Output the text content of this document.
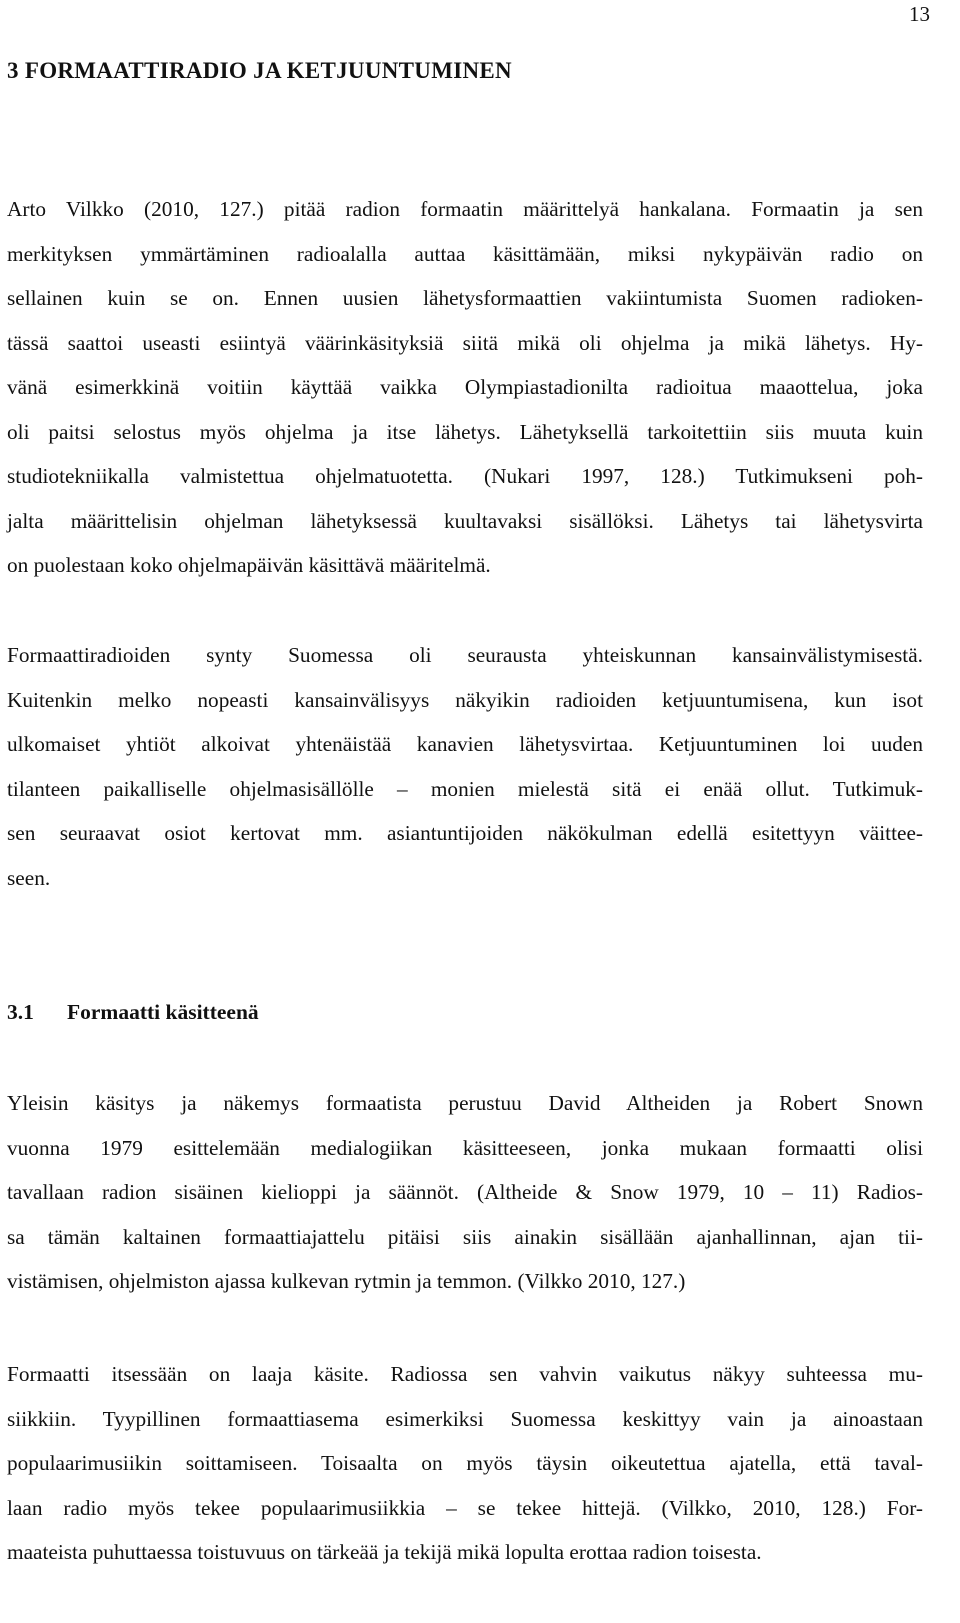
13
3 FORMAATTIRADIO JA KETJUUNTUMINEN

Arto Vilkko (2010, 127.) pitää radion formaatin määrittelyä hankalana. Formaatin ja sen
merkityksen ymmärtäminen radioalalla auttaa käsittämään, miksi nykypäivän radio on
sellainen kuin se on. Ennen uusien lähetysformaattien vakiintumista Suomen radioken-
tässä saattoi useasti esiintyä väärinkäsityksiä siitä mikä oli ohjelma ja mikä lähetys. Hy-
vänä esimerkkinä voitiin käyttää vaikka Olympiastadionilta radioitua maaottelua, joka
oli paitsi selostus myös ohjelma ja itse lähetys. Lähetyksellä tarkoitettiin siis muuta kuin
studiotekniikalla valmistettua ohjelmatuotetta. (Nukari 1997, 128.) Tutkimukseni poh-
jalta määrittelisin ohjelman lähetyksessä kuultavaksi sisällöksi. Lähetys tai lähetysvirta
on puolestaan koko ohjelmapäivän käsittävä määritelmä.

Formaattiradioiden synty Suomessa oli seurausta yhteiskunnan kansainvälistymisestä.
Kuitenkin melko nopeasti kansainvälisyys näkyikin radioiden ketjuuntumisena, kun isot
ulkomaiset yhtiöt alkoivat yhtenäistää kanavien lähetysvirtaa. Ketjuuntuminen loi uuden
tilanteen paikalliselle ohjelmasisällölle – monien mielestä sitä ei enää ollut. Tutkimuk-
sen seuraavat osiot kertovat mm. asiantuntijoiden näkökulman edellä esitettyyn väittee-
seen.

3.1 Formaatti käsitteenä

Yleisin käsitys ja näkemys formaatista perustuu David Altheiden ja Robert Snown
vuonna 1979 esittelemään medialogiikan käsitteeseen, jonka mukaan formaatti olisi
tavallaan radion sisäinen kielioppi ja säännöt. (Altheide & Snow 1979, 10 – 11) Radios-
sa tämän kaltainen formaattiajattelu pitäisi siis ainakin sisällään ajanhallinnan, ajan tii-
vistämisen, ohjelmiston ajassa kulkevan rytmin ja temmon. (Vilkko 2010, 127.)

Formaatti itsessään on laaja käsite. Radiossa sen vahvin vaikutus näkyy suhteessa mu-
siikkiin. Tyypillinen formaattiasema esimerkiksi Suomessa keskittyy vain ja ainoastaan
populaarimusiikin soittamiseen. Toisaalta on myös täysin oikeutettua ajatella, että taval-
laan radio myös tekee populaarimusiikkia – se tekee hittejä. (Vilkko, 2010, 128.) For-
maateista puhuttaessa toistuvuus on tärkeää ja tekijä mikä lopulta erottaa radion toisesta.
